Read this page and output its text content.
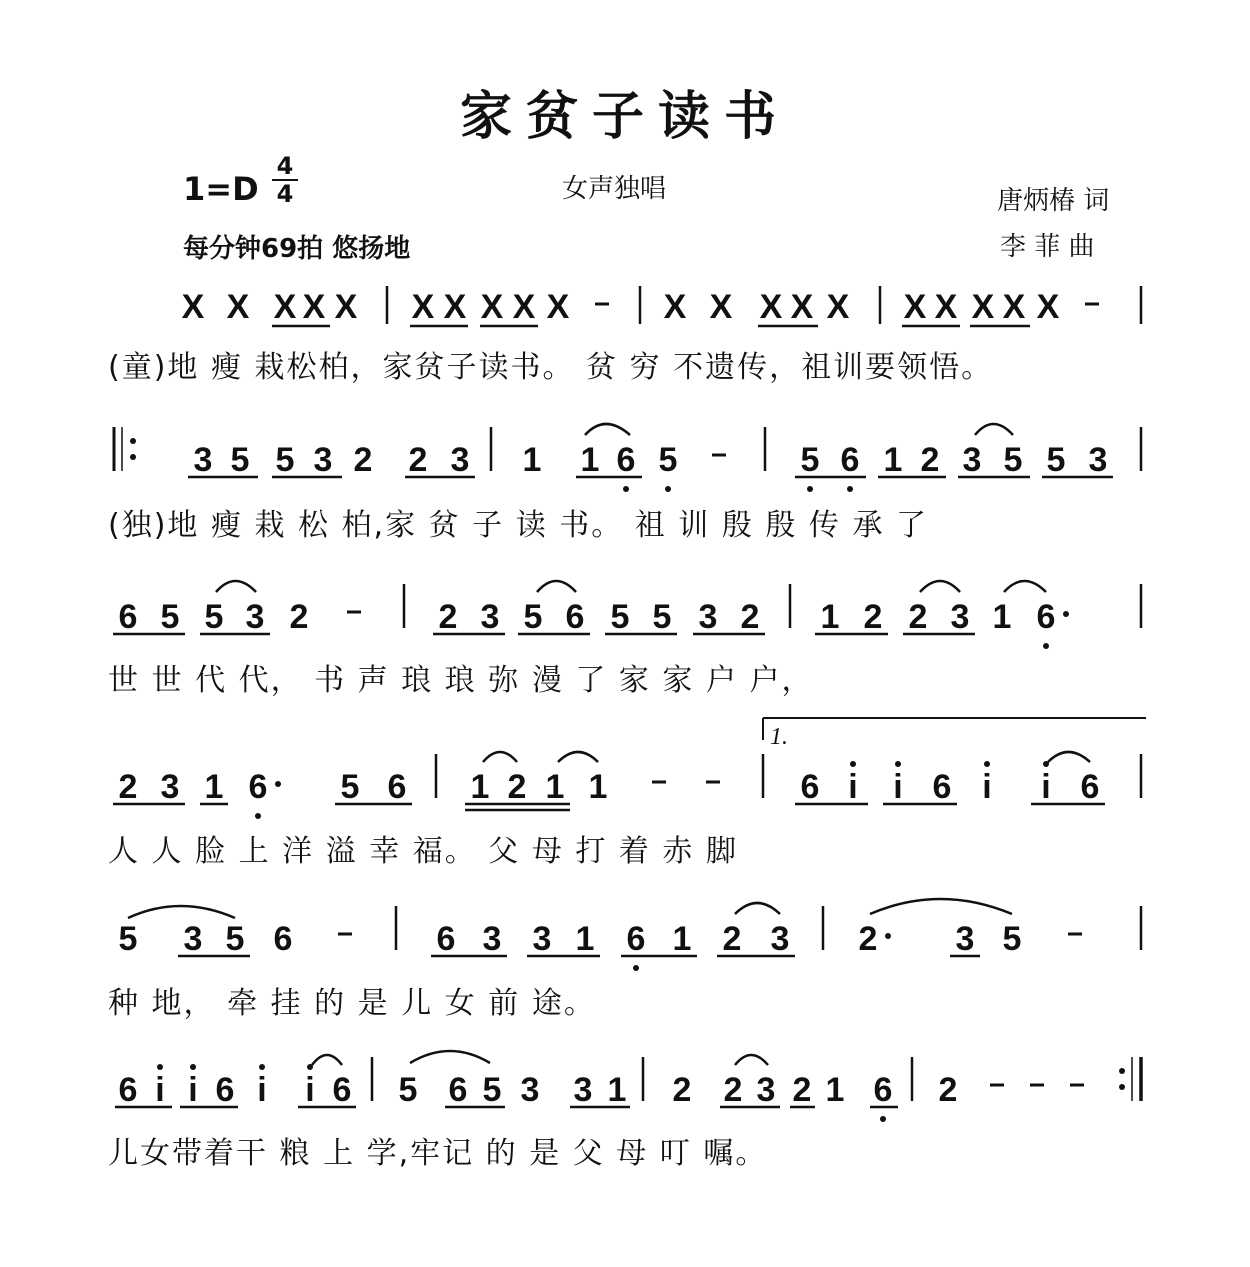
家贫子读书
1=D
4
4	女声独唱
每分钟69拍 悠扬地
唐炳椿 词
李 菲 曲
X X X X X X X X X X	X X X X X X X X X X
(童)地 瘦 栽松柏，家贫子读书。 贫 穷 不遗传，祖训要领悟。
3 5 5 3 2 2 3 1 1 6 5	5 6 1 2 3 5 5 3
(独)地 瘦 栽 松 柏,家 贫 子 读 书。 祖 训 殷 殷 传 承 了
6 5 5 3 2	2 3 5 6 5 5 3 2 1 2 2 3 1 6
世 世 代 代， 书 声 琅 琅 弥 漫 了 家 家 户 户，
1.
2 3 1 6 5 6 1 2 1 1	6 i i 6 i i 6
人 人 脸 上 洋 溢 幸 福。 父 母 打 着 赤 脚
5 3 5 6	6 3 3 1 6 1 2 3 2 3 5
种 地， 牵 挂 的 是 儿 女 前 途。
6 i i 6 i i 6 5 6 5 3 3 1 2 2 3 2 1 6 2
儿女带着干 粮 上 学,牢记 的 是 父 母 叮 嘱。
